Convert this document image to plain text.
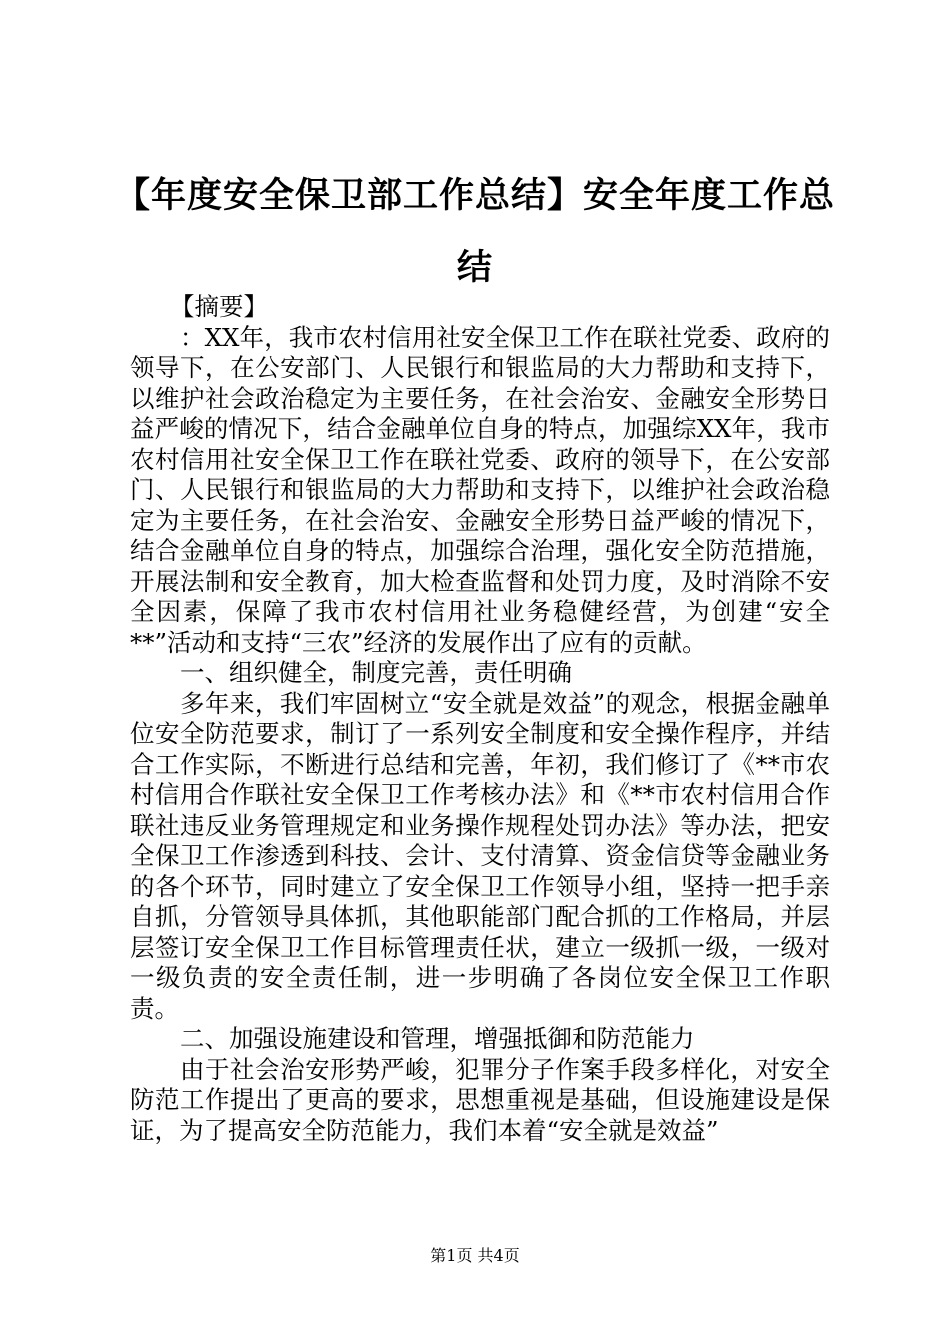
【年度安全保卫部工作总结】安全年度工作总结

【摘要】

：XX年，我市农村信用社安全保卫工作在联社党委、政府的领导下，在公安部门、人民银行和银监局的大力帮助和支持下，以维护社会政治稳定为主要任务，在社会治安、金融安全形势日益严峻的情况下，结合金融单位自身的特点，加强综XX年，我市农村信用社安全保卫工作在联社党委、政府的领导下，在公安部门、人民银行和银监局的大力帮助和支持下，以维护社会政治稳定为主要任务，在社会治安、金融安全形势日益严峻的情况下，结合金融单位自身的特点，加强综合治理，强化安全防范措施，开展法制和安全教育，加大检查监督和处罚力度，及时消除不安全因素，保障了我市农村信用社业务稳健经营，为创建“安全**”活动和支持“三农”经济的发展作出了应有的贡献。

一、组织健全，制度完善，责任明确

多年来，我们牢固树立“安全就是效益”的观念，根据金融单位安全防范要求，制订了一系列安全制度和安全操作程序，并结合工作实际，不断进行总结和完善，年初，我们修订了《**市农村信用合作联社安全保卫工作考核办法》和《**市农村信用合作联社违反业务管理规定和业务操作规程处罚办法》等办法，把安全保卫工作渗透到科技、会计、支付清算、资金信贷等金融业务的各个环节，同时建立了安全保卫工作领导小组，坚持一把手亲自抓，分管领导具体抓，其他职能部门配合抓的工作格局，并层层签订安全保卫工作目标管理责任状，建立一级抓一级，一级对一级负责的安全责任制，进一步明确了各岗位安全保卫工作职责。

二、加强设施建设和管理，增强抵御和防范能力

由于社会治安形势严峻，犯罪分子作案手段多样化，对安全防范工作提出了更高的要求，思想重视是基础，但设施建设是保证，为了提高安全防范能力，我们本着“安全就是效益”

第1页 共4页
